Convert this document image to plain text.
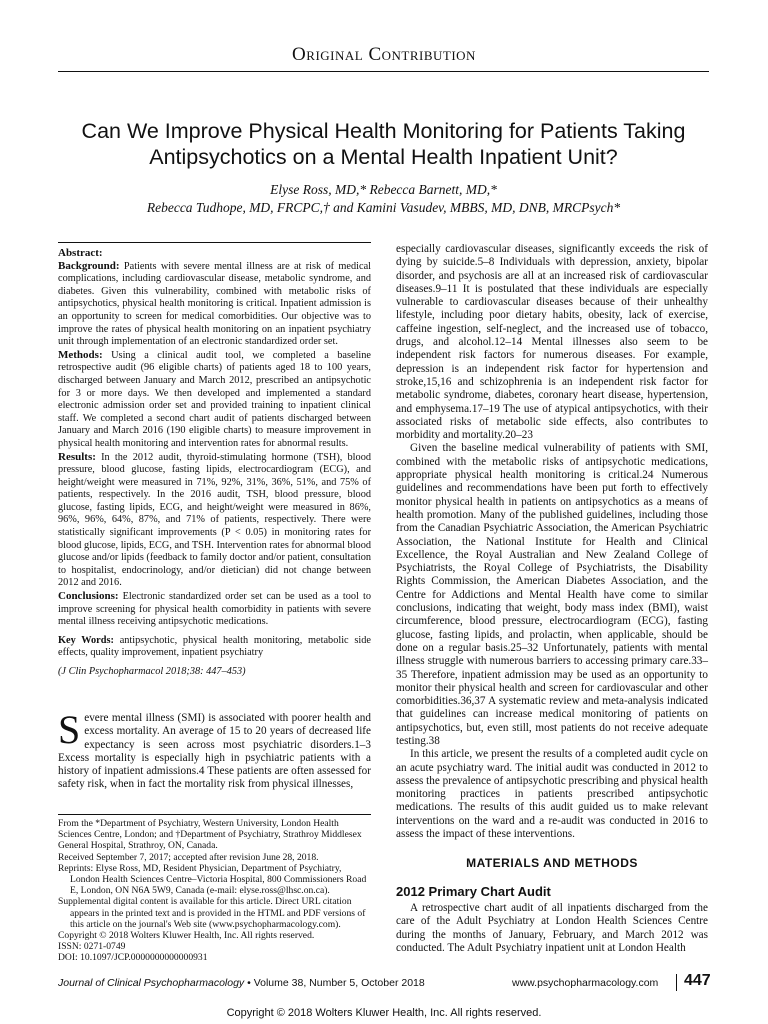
Original Contribution
Can We Improve Physical Health Monitoring for Patients Taking Antipsychotics on a Mental Health Inpatient Unit?
Elyse Ross, MD,* Rebecca Barnett, MD,*
Rebecca Tudhope, MD, FRCPC,† and Kamini Vasudev, MBBS, MD, DNB, MRCPsych*
Abstract:
Background: Patients with severe mental illness are at risk of medical complications, including cardiovascular disease, metabolic syndrome, and diabetes. Given this vulnerability, combined with metabolic risks of antipsychotics, physical health monitoring is critical. Inpatient admission is an opportunity to screen for medical comorbidities. Our objective was to improve the rates of physical health monitoring on an inpatient psychiatry unit through implementation of an electronic standardized order set.
Methods: Using a clinical audit tool, we completed a baseline retrospective audit (96 eligible charts) of patients aged 18 to 100 years, discharged between January and March 2012, prescribed an antipsychotic for 3 or more days. We then developed and implemented a standard electronic admission order set and provided training to inpatient clinical staff. We completed a second chart audit of patients discharged between January and March 2016 (190 eligible charts) to measure improvement in physical health monitoring and intervention rates for abnormal results.
Results: In the 2012 audit, thyroid-stimulating hormone (TSH), blood pressure, blood glucose, fasting lipids, electrocardiogram (ECG), and height/weight were measured in 71%, 92%, 31%, 36%, 51%, and 75% of patients, respectively. In the 2016 audit, TSH, blood pressure, blood glucose, fasting lipids, ECG, and height/weight were measured in 86%, 96%, 96%, 64%, 87%, and 71% of patients, respectively. There were statistically significant improvements (P < 0.05) in monitoring rates for blood glucose, lipids, ECG, and TSH. Intervention rates for abnormal blood glucose and/or lipids (feedback to family doctor and/or patient, consultation to hospitalist, endocrinology, and/or dietician) did not change between 2012 and 2016.
Conclusions: Electronic standardized order set can be used as a tool to improve screening for physical health comorbidity in patients with severe mental illness receiving antipsychotic medications.
Key Words: antipsychotic, physical health monitoring, metabolic side effects, quality improvement, inpatient psychiatry
(J Clin Psychopharmacol 2018;38: 447–453)
Severe mental illness (SMI) is associated with poorer health and excess mortality. An average of 15 to 20 years of decreased life expectancy is seen across most psychiatric disorders.1–3 Excess mortality is especially high in psychiatric patients with a history of inpatient admissions.4 These patients are often assessed for safety risk, when in fact the mortality risk from physical illnesses,
From the *Department of Psychiatry, Western University, London Health Sciences Centre, London; and †Department of Psychiatry, Strathroy Middlesex General Hospital, Strathroy, ON, Canada.
Received September 7, 2017; accepted after revision June 28, 2018.
Reprints: Elyse Ross, MD, Resident Physician, Department of Psychiatry, London Health Sciences Centre–Victoria Hospital, 800 Commissioners Road E, London, ON N6A 5W9, Canada (e-mail: elyse.ross@lhsc.on.ca).
Supplemental digital content is available for this article. Direct URL citation appears in the printed text and is provided in the HTML and PDF versions of this article on the journal's Web site (www.psychopharmacology.com).
Copyright © 2018 Wolters Kluwer Health, Inc. All rights reserved.
ISSN: 0271-0749
DOI: 10.1097/JCP.0000000000000931
especially cardiovascular diseases, significantly exceeds the risk of dying by suicide.5–8 Individuals with depression, anxiety, bipolar disorder, and psychosis are all at an increased risk of cardiovascular diseases.9–11 It is postulated that these individuals are especially vulnerable to cardiovascular diseases because of their unhealthy lifestyle, including poor dietary habits, obesity, lack of exercise, caffeine ingestion, self-neglect, and the increased use of tobacco, drugs, and alcohol.12–14 Mental illnesses also seem to be independent risk factors for numerous diseases. For example, depression is an independent risk factor for hypertension and stroke,15,16 and schizophrenia is an independent risk factor for metabolic syndrome, diabetes, coronary heart disease, hypertension, and emphysema.17–19 The use of atypical antipsychotics, with their associated risks of metabolic side effects, also contributes to morbidity and mortality.20–23
Given the baseline medical vulnerability of patients with SMI, combined with the metabolic risks of antipsychotic medications, appropriate physical health monitoring is critical.24 Numerous guidelines and recommendations have been put forth to effectively monitor physical health in patients on antipsychotics as a means of health promotion. Many of the published guidelines, including those from the Canadian Psychiatric Association, the American Psychiatric Association, the National Institute for Health and Clinical Excellence, the Royal Australian and New Zealand College of Psychiatrists, the Royal College of Psychiatrists, the Disability Rights Commission, the American Diabetes Association, and the Centre for Addictions and Mental Health have come to similar conclusions, indicating that weight, body mass index (BMI), waist circumference, blood pressure, electrocardiogram (ECG), fasting glucose, fasting lipids, and prolactin, when applicable, should be done on a regular basis.25–32 Unfortunately, patients with mental illness struggle with numerous barriers to accessing primary care.33–35 Therefore, inpatient admission may be used as an opportunity to monitor their physical health and screen for cardiovascular and other comorbidities.36,37 A systematic review and meta-analysis indicated that guidelines can increase medical monitoring of patients on antipsychotics, but, even still, most patients do not receive adequate testing.38
In this article, we present the results of a completed audit cycle on an acute psychiatry ward. The initial audit was conducted in 2012 to assess the prevalence of antipsychotic prescribing and physical health monitoring practices in patients prescribed antipsychotic medications. The results of this audit guided us to make relevant interventions on the ward and a re-audit was conducted in 2016 to assess the impact of these interventions.
MATERIALS AND METHODS
2012 Primary Chart Audit
A retrospective chart audit of all inpatients discharged from the care of the Adult Psychiatry at London Health Sciences Centre during the months of January, February, and March 2012 was conducted. The Adult Psychiatry inpatient unit at London Health
Journal of Clinical Psychopharmacology • Volume 38, Number 5, October 2018	www.psychopharmacology.com 447
Copyright © 2018 Wolters Kluwer Health, Inc. All rights reserved.
